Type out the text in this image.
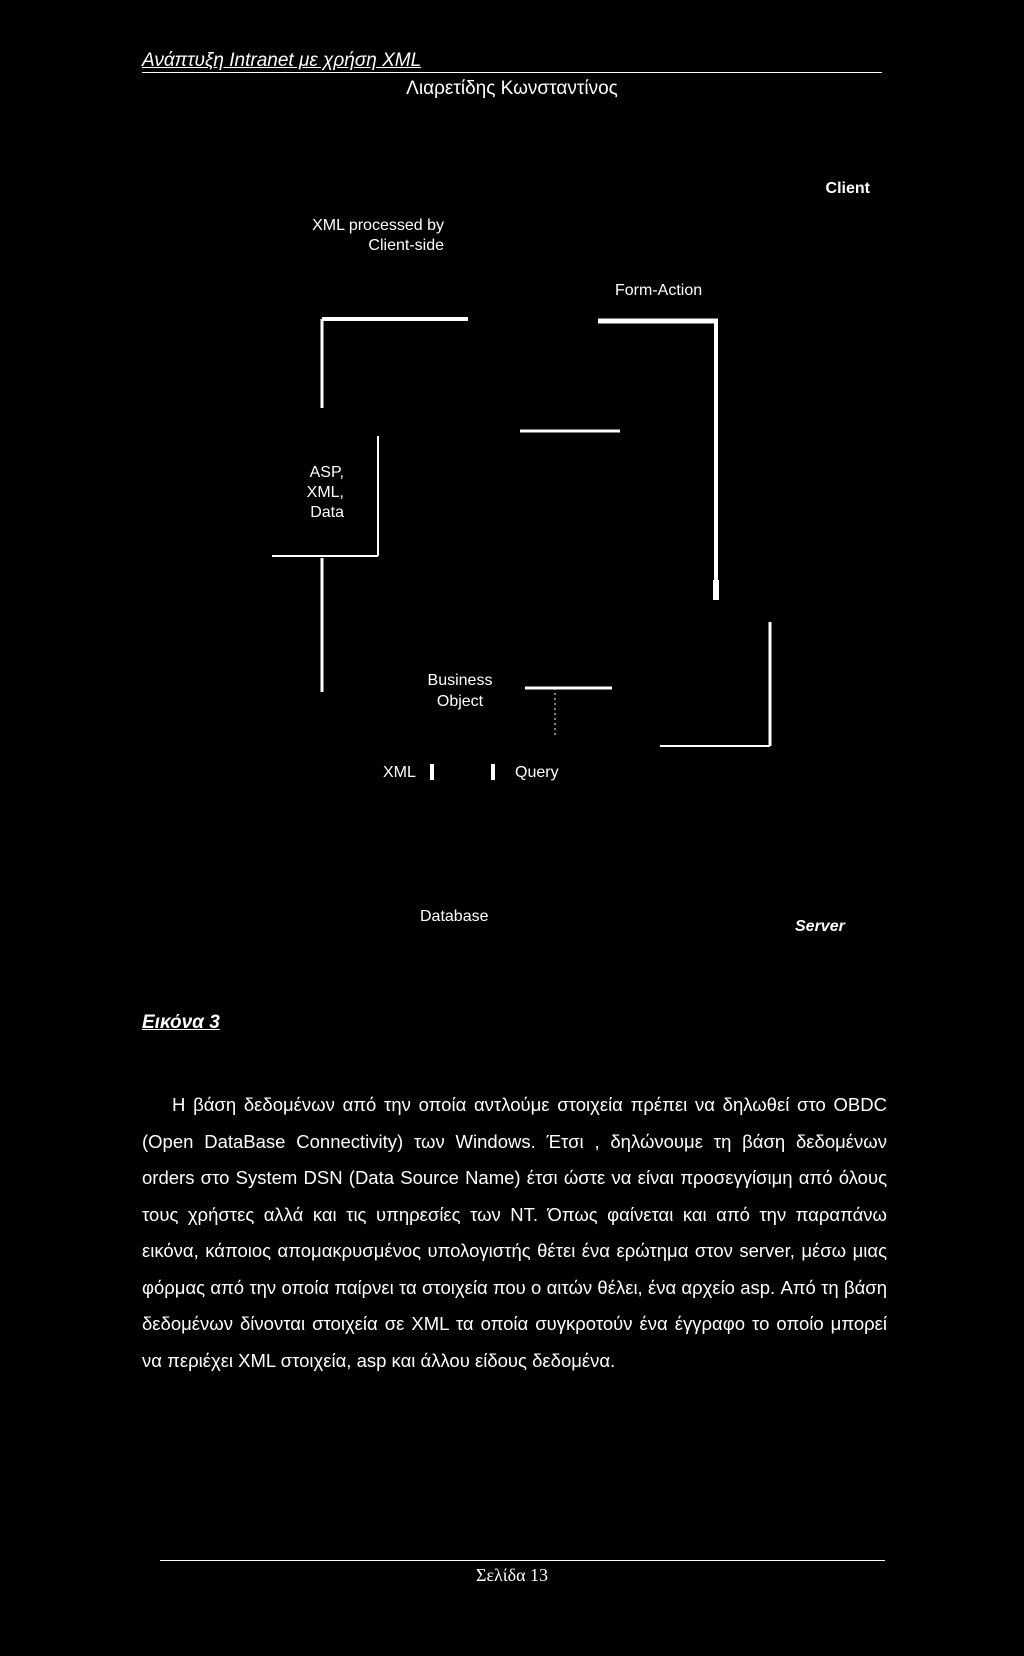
Ανάπτυξη Intranet με χρήση XML
Λιαρετίδης Κωνσταντίνος
Client
XML processed by
Client-side
Form-Action
ASP,
XML,
Data
Business
Object
XML	Query
Database
Server
Εικόνα 3

Η βάση δεδομένων από την οποία αντλούμε στοιχεία πρέπει να δηλωθεί στο OBDC (Open DataBase Connectivity) των Windows. Έτσι , δηλώνουμε τη βάση δεδομένων orders στο System DSN (Data Source Name) έτσι ώστε να είναι προσεγγίσιμη από όλους τους χρήστες αλλά και τις υπηρεσίες των NT. Όπως φαίνεται και από την παραπάνω εικόνα, κάποιος απομακρυσμένος υπολογιστής θέτει ένα ερώτημα στον server, μέσω μιας φόρμας από την οποία παίρνει τα στοιχεία που ο αιτών θέλει, ένα αρχείο asp. Από τη βάση δεδομένων δίνονται στοιχεία σε XML τα οποία συγκροτούν ένα έγγραφο το οποίο μπορεί να περιέχει XML στοιχεία, asp και άλλου είδους δεδομένα.

Σελίδα 13
